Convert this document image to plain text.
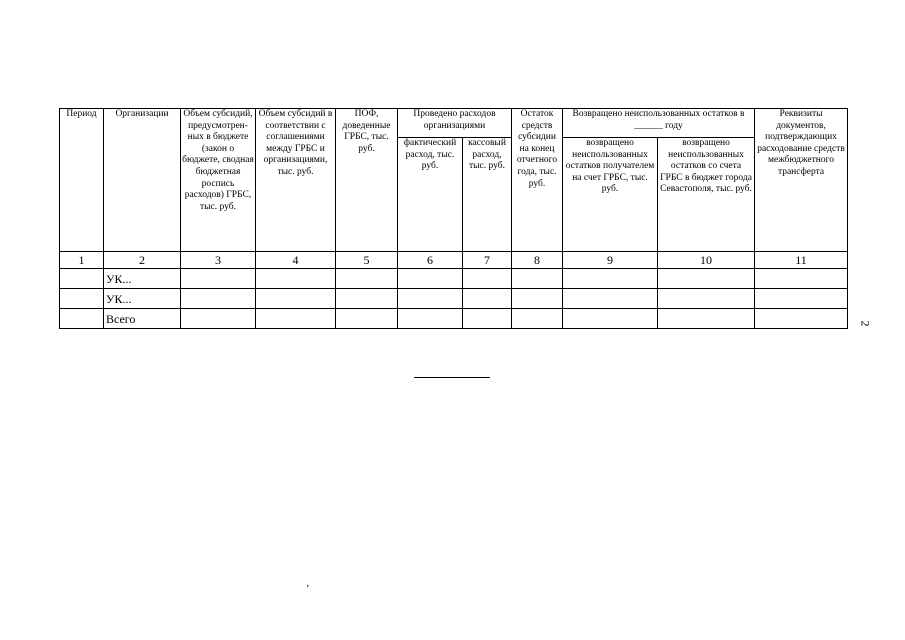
Период	Организации	Объем субсидий, предусмотрен-ных в бюджете (закон о бюджете, сводная бюджетная роспись расходов) ГРБС, тыс. руб.	Объем субсидий в соответствии с соглашениями между ГРБС и организациями, тыс. руб.	ПОФ, доведенные ГРБС, тыс. руб.	Проведено расходов организациями		Остаток средств субсидии на конец отчетного года, тыс. руб.	Возвращено неиспользованных остатков в ______ году		Реквизиты документов, подтверждающих расходование средств межбюджетного трансферта
					фактический расход, тыс. руб.	кассовый расход, тыс. руб.		возвращено неиспользованных остатков получателем на счет ГРБС, тыс. руб.	возвращено неиспользованных остатков со счета ГРБС в бюджет города Севастополя, тыс. руб.	
1	2	3	4	5	6	7	8	9	10	11
	УК...									
	УК...									
	Всего										2
ʼ
